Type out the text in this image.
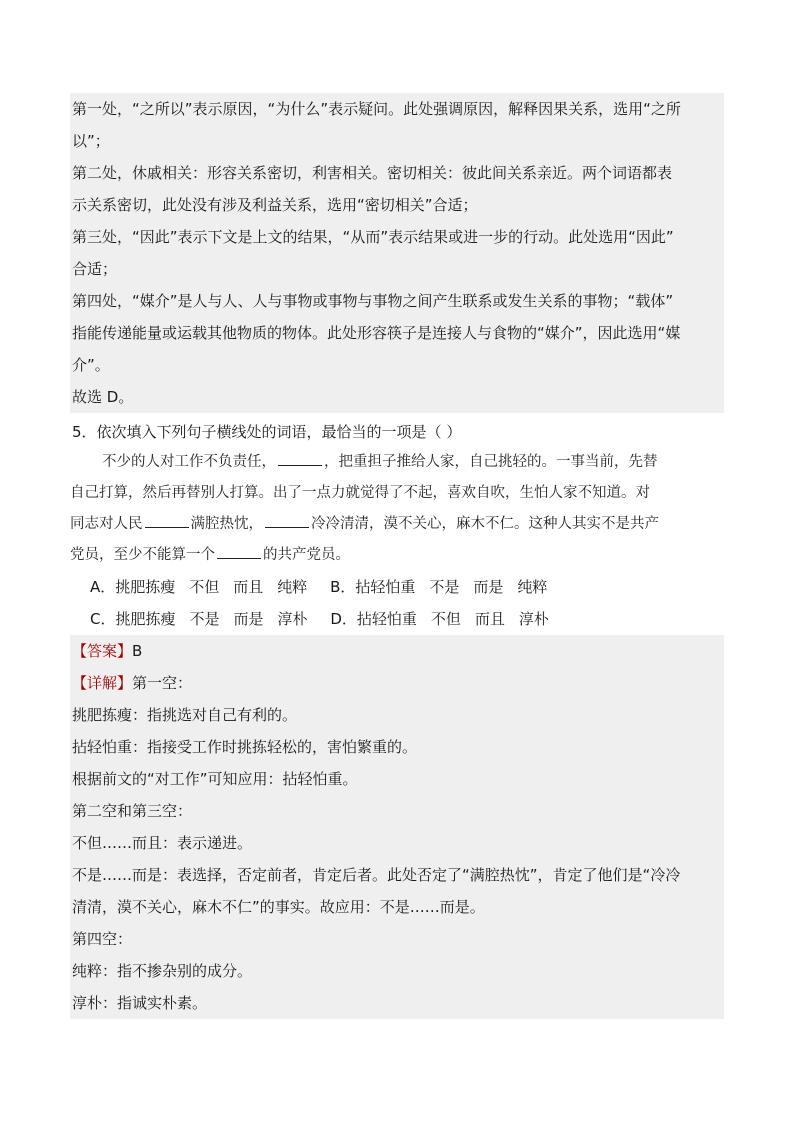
第一处，“之所以”表示原因，“为什么”表示疑问。此处强调原因，解释因果关系，选用“之所
以”；
第二处，休戚相关：形容关系密切，利害相关。密切相关：彼此间关系亲近。两个词语都表
示关系密切，此处没有涉及利益关系，选用“密切相关”合适；
第三处，“因此”表示下文是上文的结果，“从而”表示结果或进一步的行动。此处选用“因此”
合适；
第四处，“媒介”是人与人、人与事物或事物与事物之间产生联系或发生关系的事物；“载体”
指能传递能量或运载其他物质的物体。此处形容筷子是连接人与食物的“媒介”，因此选用“媒
介”。
故选 D。
5．依次填入下列句子横线处的词语，最恰当的一项是（ ）
不少的人对工作不负责任，	，把重担子推给人家，自己挑轻的。一事当前，先替
自己打算，然后再替别人打算。出了一点力就觉得了不起，喜欢自吹，生怕人家不知道。对
同志对人民	满腔热忱，	冷冷清清，漠不关心，麻木不仁。这种人其实不是共产
党员，至少不能算一个	的共产党员。
A．挑肥拣瘦 不但 而且 纯粹 B．拈轻怕重 不是 而是 纯粹
C．挑肥拣瘦 不是 而是 淳朴 D．拈轻怕重 不但 而且 淳朴
【答案】B
【详解】第一空：
挑肥拣瘦：指挑选对自己有利的。
拈轻怕重：指接受工作时挑拣轻松的，害怕繁重的。
根据前文的“对工作”可知应用：拈轻怕重。
第二空和第三空：
不但……而且：表示递进。
不是……而是：表选择，否定前者，肯定后者。此处否定了“满腔热忱”，肯定了他们是“冷冷
清清，漠不关心，麻木不仁”的事实。故应用：不是……而是。
第四空：
纯粹：指不掺杂别的成分。
淳朴：指诚实朴素。
